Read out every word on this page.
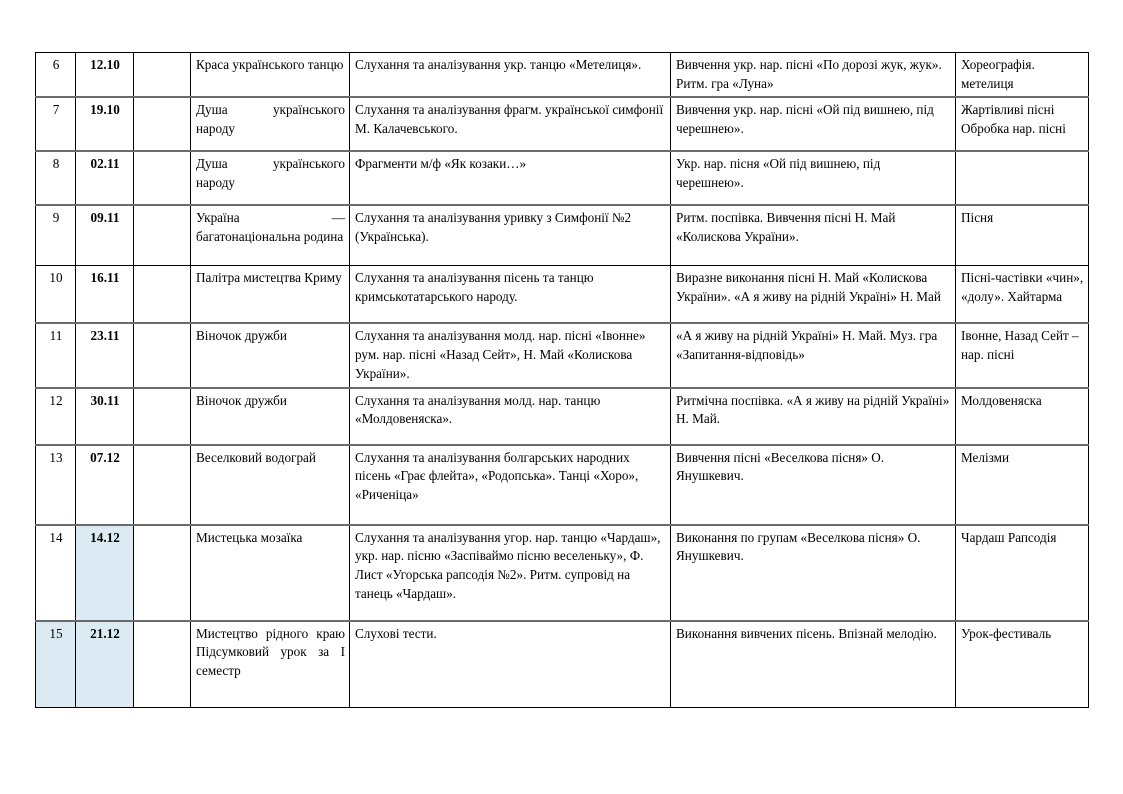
6	12.10		Краса українського танцю	Слухання та аналізування укр. танцю «Метелиця».	Вивчення укр. нар. пісні «По дорозі жук, жук». Ритм. гра «Луна»	Хореографія. метелиця
7	19.10		Душа українського народу	Слухання та аналізування фрагм. української симфонії М. Калачевського.	Вивчення укр. нар. пісні «Ой під вишнею, під черешнею».	Жартівливі пісні Обробка нар. пісні
8	02.11		Душа українського народу	Фрагменти м/ф «Як козаки…»	Укр. нар. пісня «Ой під вишнею, під черешнею».	
9	09.11		Україна — багатонаціональна родина	Слухання та аналізування уривку з Симфонії №2 (Українська).	Ритм. поспівка. Вивчення пісні Н. Май «Колискова України».	Пісня
10	16.11		Палітра мистецтва Криму	Слухання та аналізування пісень та танцю кримськотатарського народу.	Виразне виконання пісні Н. Май «Колискова України». «А я живу на рідній Україні» Н. Май	Пісні-частівки «чин», «долу». Хайтарма
11	23.11		Віночок дружби	Слухання та аналізування молд. нар. пісні «Івонне» рум. нар. пісні «Назад Сейт», Н. Май «Колискова України».	«А я живу на рідній Україні» Н. Май. Муз. гра «Запитання-відповідь»	Івонне, Назад Сейт – нар. пісні
12	30.11		Віночок дружби	Слухання та аналізування молд. нар. танцю «Молдовеняска».	Ритмічна поспівка. «А я живу на рідній Україні» Н. Май.	Молдовеняска
13	07.12		Веселковий водограй	Слухання та аналізування болгарських народних пісень «Грає флейта», «Родопська». Танці «Хоро», «Риченіца»	Вивчення пісні «Веселкова пісня» О. Янушкевич.	Мелізми
14	14.12		Мистецька мозаїка	Слухання та аналізування угор. нар. танцю «Чардаш», укр. нар. пісню «Заспіваймо пісню веселеньку», Ф. Лист «Угорська рапсодія №2». Ритм. супровід на танець «Чардаш».	Виконання по групам «Веселкова пісня» О. Янушкевич.	Чардаш Рапсодія
15	21.12		Мистецтво рідного краю Підсумковий урок за I семестр	Слухові тести.	Виконання вивчених пісень. Впізнай мелодію.	Урок-фестиваль
